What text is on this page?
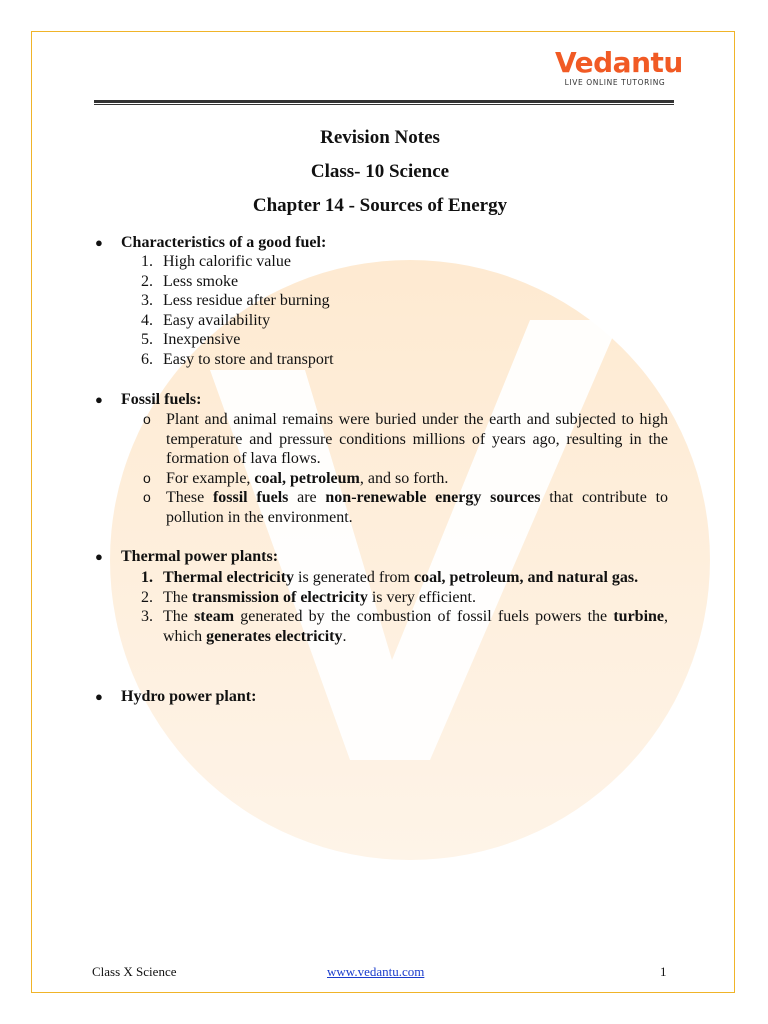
Vedantu
LIVE ONLINE TUTORING
Revision Notes
Class- 10 Science
Chapter 14 - Sources of Energy
● Characteristics of a good fuel:
1. High calorific value
2. Less smoke
3. Less residue after burning
4. Easy availability
5. Inexpensive
6. Easy to store and transport
● Fossil fuels:
o Plant and animal remains were buried under the earth and subjected to high temperature and pressure conditions millions of years ago, resulting in the formation of lava flows.
o For example, coal, petroleum, and so forth.
o These fossil fuels are non-renewable energy sources that contribute to pollution in the environment.
● Thermal power plants:
1. Thermal electricity is generated from coal, petroleum, and natural gas.
2. The transmission of electricity is very efficient.
3. The steam generated by the combustion of fossil fuels powers the turbine, which generates electricity.
● Hydro power plant:
Class X Science	www.vedantu.com	1
